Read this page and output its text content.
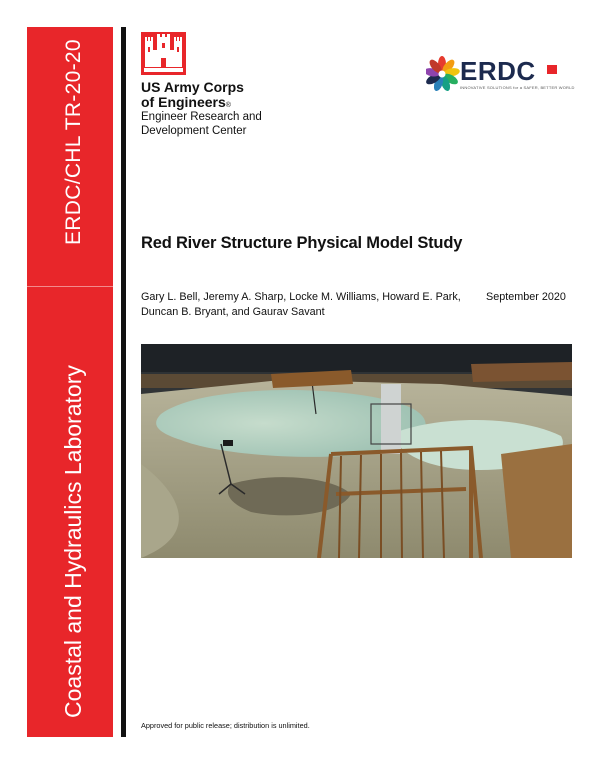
ERDC/CHL TR-20-20
Coastal and Hydraulics Laboratory
US Army Corps
of Engineers®
Engineer Research and
Development Center
ERDC
INNOVATIVE SOLUTIONS for a SAFER, BETTER WORLD
Red River Structure Physical Model Study
Gary L. Bell, Jeremy A. Sharp, Locke M. Williams, Howard E. Park,
Duncan B. Bryant, and Gaurav Savant
September 2020
Approved for public release; distribution is unlimited.
